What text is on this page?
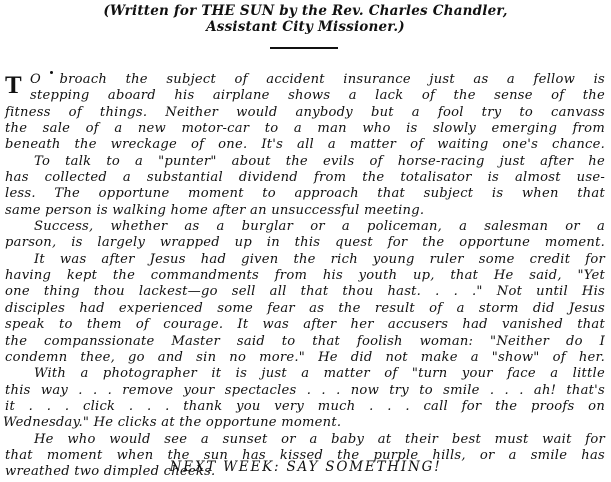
(Written for THE SUN by the Rev. Charles Chandler,
Assistant City Missioner.)
T O broach the subject of accident insurance just as a fellow is
stepping aboard his airplane shows a lack of the sense of the
fitness of things. Neither would anybody but a fool try to canvass
the sale of a new motor-car to a man who is slowly emerging from
beneath the wreckage of one. It's all a matter of waiting one's chance.
To talk to a "punter" about the evils of horse-racing just after he
has collected a substantial dividend from the totalisator is almost use-
less. The opportune moment to approach that subject is when that
same person is walking home after an unsuccessful meeting.
Success, whether as a burglar or a policeman, a salesman or a
parson, is largely wrapped up in this quest for the opportune moment.
It was after Jesus had given the rich young ruler some credit for
having kept the commandments from his youth up, that He said, "Yet
one thing thou lackest—go sell all that thou hast. . . ." Not until His
disciples had experienced some fear as the result of a storm did Jesus
speak to them of courage. It was after her accusers had vanished that
the companssionate Master said to that foolish woman: "Neither do I
condemn thee, go and sin no more." He did not make a "show" of her.
With a photographer it is just a matter of "turn your face a little
this way . . . remove your spectacles . . . now try to smile . . . ah! that's
it . . . click . . . thank you very much . . . call for the proofs on
Wednesday." He clicks at the opportune moment.
He who would see a sunset or a baby at their best must wait for
that moment when the sun has kissed the purple hills, or a smile has
wreathed two dimpled cheeks.
NEXT WEEK: SAY SOMETHING!
